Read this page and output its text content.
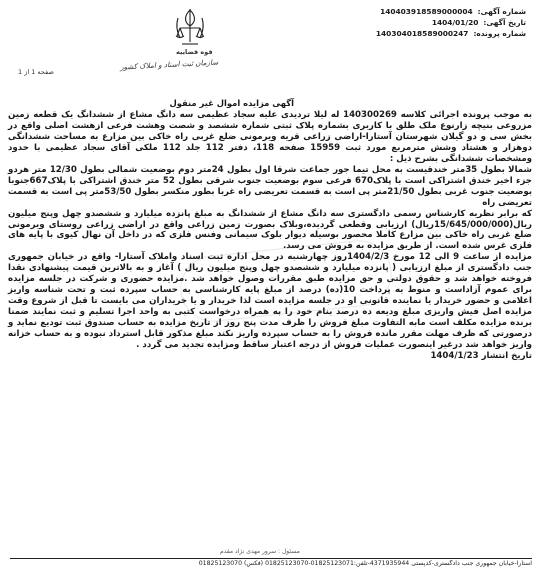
قوه قضاییه
سازمان ثبت اسناد و املاک کشور
صفحه 1 از 1
شماره آگهی:
140403918589000004
تاریخ آگهی:
1404/01/20
شماره پرونده:
140304018589000247
آگهی مزایده اموال غیر منقول

به موجب پرونده اجرائی کلاسه 140300269 له لیلا تردیدی علیه سجاد عظیمی سه دانگ مشاع از ششدانگ یک قطعه زمین مزروعی بنیچه زارنوع ملک طلق با کاربری بشماره پلاک ثبتی شماره ششصد و شصت وهشت فرعی ازهشت اصلی واقع در بخش سی و دو گیلان شهرستان آستارا-اراضی زراعی قریه ویرمونی ضلع غربی راه خاکی بین مزارع به مساحت ششدانگی دوهزار و هشتاد وشش مترمربع مورد ثبت 15959 صفحه 118، دفتر 112 جلد 112 ملکی آقای سجاد عظیمی با حدود ومشخصات ششدانگی بشرح ذیل :

شمالا بطول 35متر خندقیست به محل تیما جور جماعت شرقا اول بطول 24متر دوم بوضعیت شمالی بطول 12/30 متر هردو جزء اخیر خندق اشتراکی است با پلاک670 فرعی سوم بوضعیت جنوب شرقی بطول 52 متر خندق اشتراکی با پلاک667جنوبا بوضعیت جنوب غربی بطول 21/50متر پی است به قسمت تعریضی راه غربا بطور منکسر بطول 53/50متر پی است به قسمت تعریضی راه

که برابر نظریه کارشناس رسمی دادگستری سه دانگ مشاع از ششدانگ به مبلغ پانزده میلیارد و ششصدو چهل وپنج میلیون ریال(15/645/000/000ریال) ارزیابی وقطعی گردیده،وبلاک بصورت زمین زراعی واقع در اراضی زراعی روستای ویرمونی ضلع غربی راه خاکی بین مزارع کاملا محصور بوسیله دیوار بلوک سیمانی وفنس فلزی که در داخل آن نهال کیوی با پایه های فلزی غرس شده است. از طریق مزایده به فروش می رسد.

مزایده از ساعت 9 الی 12 مورخ 1404/2/3روز چهارشنبه در محل اداره ثبت اسناد واملاک آستارا- واقع در خیابان جمهوری جنب دادگستری از مبلغ ارزیابی ( پانزده میلیارد و ششصدو چهل وپنج میلیون ریال ) آغاز و به بالاترین قیمت پیشنهادی نقدا فروخته خواهد شد و حقوق دولتی و حق مزایده طبق مقررات وصول خواهد شد .مزایده حضوری و شرکت در جلسه مزایده برای عموم آزاداست و منوط به پرداخت 10(ده) درصد از مبلغ پایه کارشناسی به حساب سپرده ثبت و تحت شناسه واریز اعلامی و حضور خریدار یا نماینده قانونی او در جلسه مزایده است لذا خریدار و یا خریداران می بایست تا قبل از شروع وقت مزایده اصل فیش واریزی مبلغ ودیعه ده درصد بنام خود را به همراه درخواست کتبی به واحد اجرا تسلیم و ثبت نمایند ضمنا برنده مزایده مکلف است مابه التفاوت مبلغ فروش را ظرف مدت پنج روز از تاریخ مزایده به حساب صندوق ثبت تودیع نماید و درصورتی که ظرف مهلت مقرر مانده فروش را به حساب سپرده واریز نکند مبلغ مذکور قابل استرداد نبوده و به حساب خزانه واریز خواهد شد درغیر اینصورت عملیات فروش از درجه اعتبار ساقط ومزایده تجدید می گردد .

تاریخ انتشار 1404/1/23

مسئول : سرور مهدی نژاد مقدم
آستارا-خیابان جمهوری جنب دادگستری-کدپستی 4371935944-تلفن:01825123071-01825123070 (فکس) 01825123070
